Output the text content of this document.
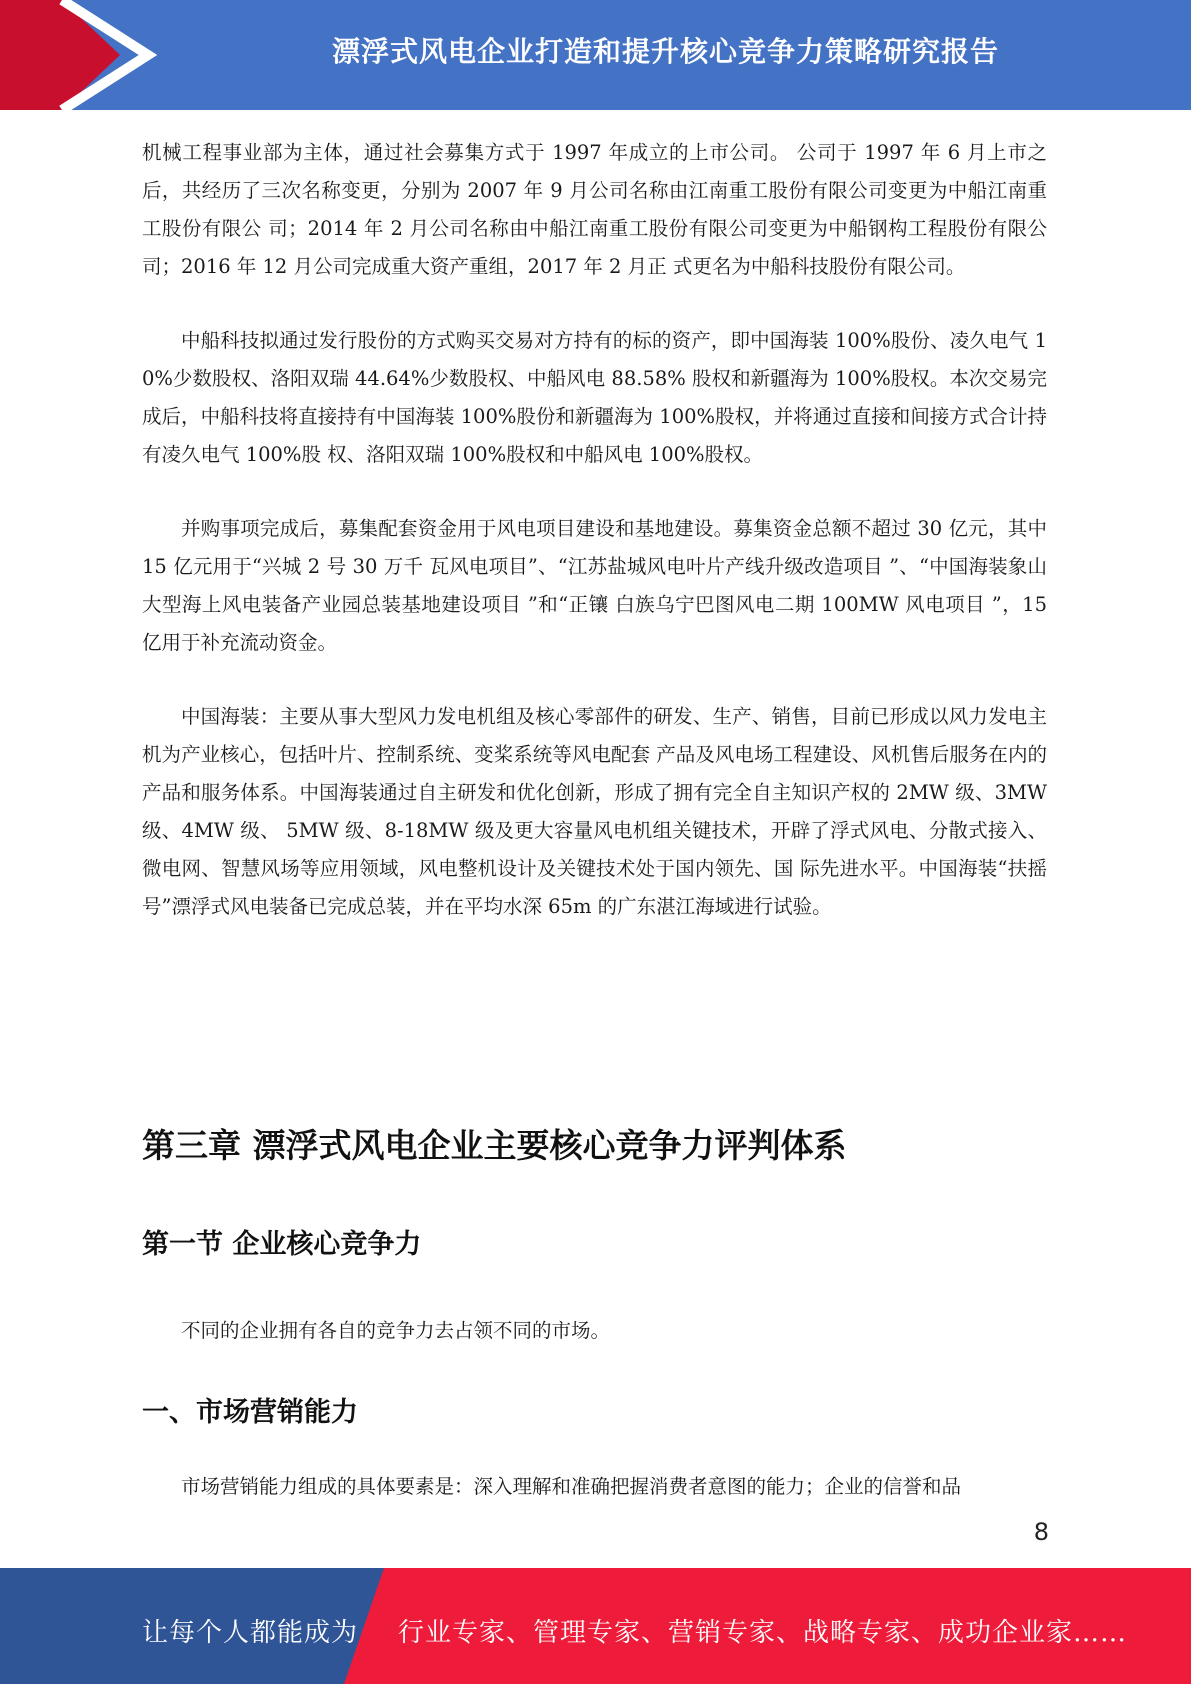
漂浮式风电企业打造和提升核心竞争力策略研究报告

机械工程事业部为主体，通过社会募集方式于 1997 年成立的上市公司。 公司于 1997 年 6 月上市之后，共经历了三次名称变更，分别为 2007 年 9 月公司名称由江南重工股份有限公司变更为中船江南重工股份有限公 司；2014 年 2 月公司名称由中船江南重工股份有限公司变更为中船钢构工程股份有限公司；2016 年 12 月公司完成重大资产重组，2017 年 2 月正 式更名为中船科技股份有限公司。

中船科技拟通过发行股份的方式购买交易对方持有的标的资产，即中国海装 100%股份、凌久电气 10%少数股权、洛阳双瑞 44.64%少数股权、中船风电 88.58% 股权和新疆海为 100%股权。本次交易完成后，中船科技将直接持有中国海装 100%股份和新疆海为 100%股权，并将通过直接和间接方式合计持有凌久电气 100%股 权、洛阳双瑞 100%股权和中船风电 100%股权。

并购事项完成后，募集配套资金用于风电项目建设和基地建设。募集资金总额不超过 30 亿元，其中 15 亿元用于“兴城 2 号 30 万千 瓦风电项目”、“江苏盐城风电叶片产线升级改造项目 ”、“中国海装象山大型海上风电装备产业园总装基地建设项目 ”和“正镶 白族乌宁巴图风电二期 100MW 风电项目 ”，15 亿用于补充流动资金。

中国海装：主要从事大型风力发电机组及核心零部件的研发、生产、销售，目前已形成以风力发电主机为产业核心，包括叶片、控制系统、变桨系统等风电配套 产品及风电场工程建设、风机售后服务在内的产品和服务体系。中国海装通过自主研发和优化创新，形成了拥有完全自主知识产权的 2MW 级、3MW 级、4MW 级、 5MW 级、8-18MW 级及更大容量风电机组关键技术，开辟了浮式风电、分散式接入、微电网、智慧风场等应用领域，风电整机设计及关键技术处于国内领先、国 际先进水平。中国海装“扶摇号”漂浮式风电装备已完成总装，并在平均水深 65m 的广东湛江海域进行试验。

第三章 漂浮式风电企业主要核心竞争力评判体系
第一节 企业核心竞争力

不同的企业拥有各自的竞争力去占领不同的市场。

一、市场营销能力

市场营销能力组成的具体要素是：深入理解和准确把握消费者意图的能力；企业的信誉和品

8
让每个人都能成为 行业专家、管理专家、营销专家、战略专家、成功企业家……
